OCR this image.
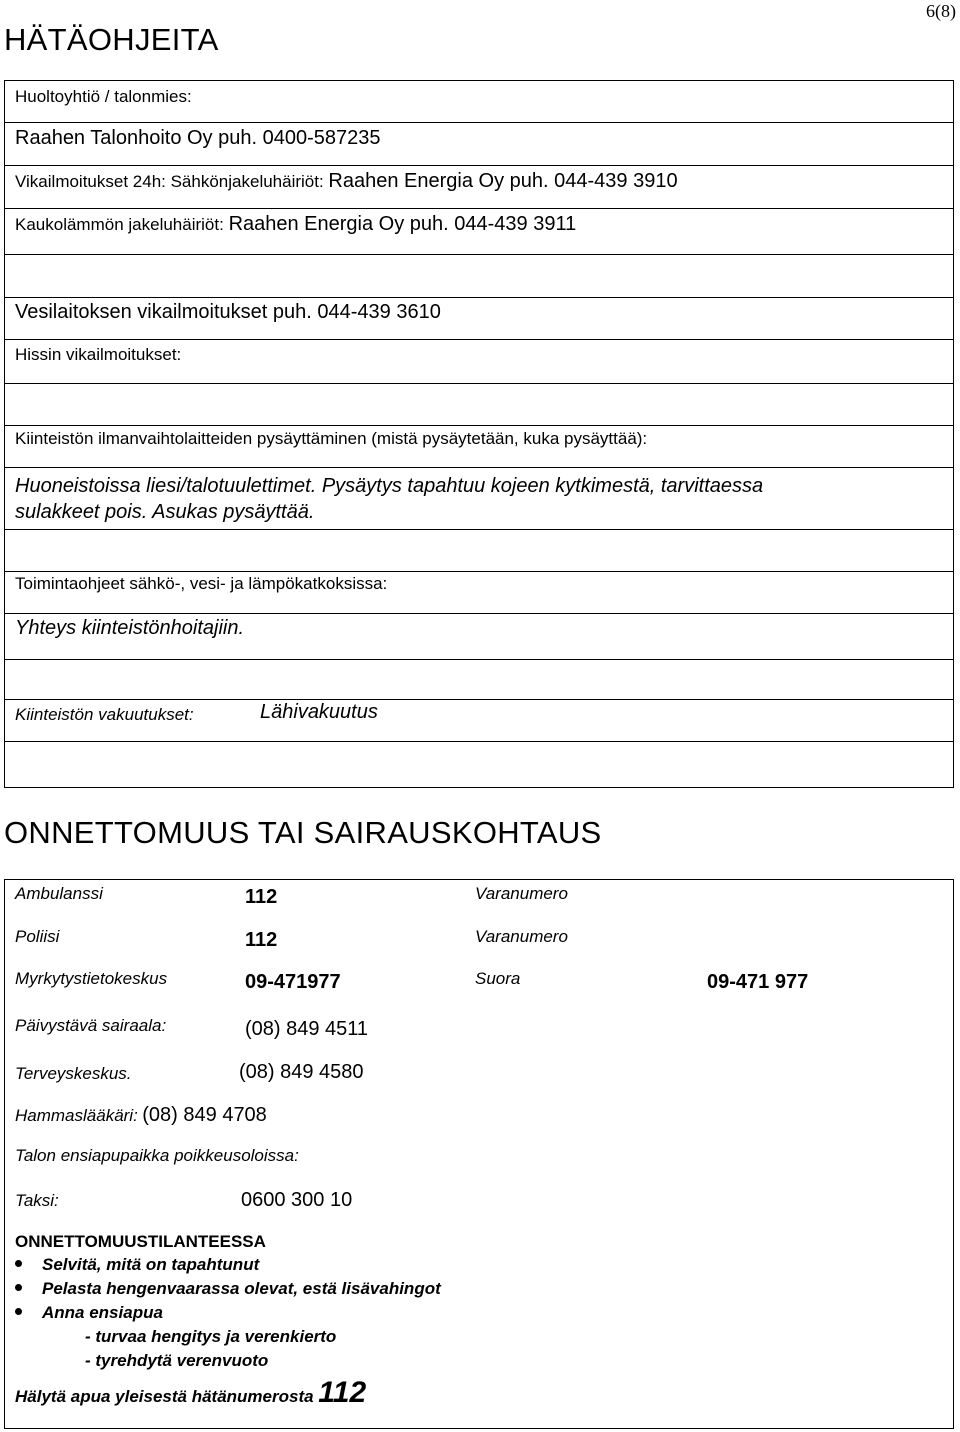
6(8)
HÄTÄOHJEITA
Huoltoyhtiö / talonmies:
Raahen Talonhoito Oy puh. 0400-587235
Vikailmoitukset 24h: Sähkönjakeluhäiriöt: Raahen Energia Oy puh. 044-439 3910
Kaukolämmön jakeluhäiriöt: Raahen Energia Oy puh. 044-439 3911
Vesilaitoksen vikailmoitukset puh. 044-439 3610
Hissin vikailmoitukset:
Kiinteistön ilmanvaihtolaitteiden pysäyttäminen (mistä pysäytetään, kuka pysäyttää):
Huoneistoissa liesi/talotuulettimet. Pysäytys tapahtuu kojeen kytkimestä, tarvittaessa
sulakkeet pois. Asukas pysäyttää.
Toimintaohjeet sähkö-, vesi- ja lämpökatkoksissa:
Yhteys kiinteistönhoitajiin.
Kiinteistön vakuutukset:	Lähivakuutus
ONNETTOMUUS TAI SAIRAUSKOHTAUS
Ambulanssi	112	Varanumero
Poliisi	112	Varanumero
Myrkytystietokeskus	09-471977	Suora	09-471 977
Päivystävä sairaala:	(08) 849 4511
Terveyskeskus.	(08) 849 4580
Hammaslääkäri: (08) 849 4708
Talon ensiapupaikka poikkeusoloissa:
Taksi:	0600 300 10
ONNETTOMUUSTILANTEESSA
Selvitä, mitä on tapahtunut
Pelasta hengenvaarassa olevat, estä lisävahingot
Anna ensiapua
- turvaa hengitys ja verenkierto
- tyrehdytä verenvuoto
Hälytä apua yleisestä hätänumerosta 112
